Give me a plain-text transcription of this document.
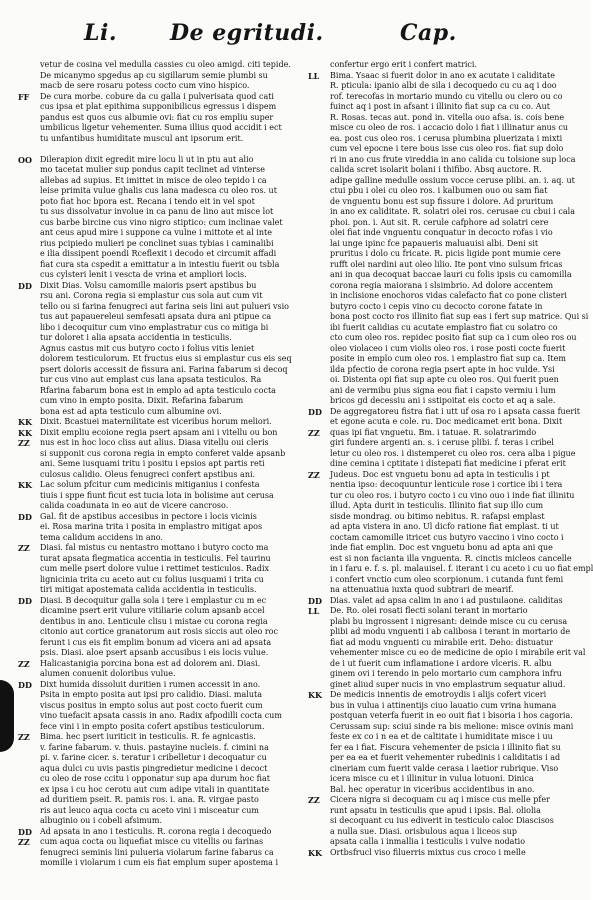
Li. De egritudi.	Cap.
vetur de cosina vel medulla cassies cu oleo amigd. citi tepide.
De micanymo spgedus ap cu sigillarum semie plumbi su
macb de sere rosaru potess cocto cum vino hispico.
FF	De cura morbe. cobure da cu galla i pulverisata quod cati
cus ipsa et plat epithima supponibilicus egressus i dispem
pandus est quos cus albumie ovi: fiat cu ros empliu super
umbilicus ligetur vehementer. Suma illius quod accidit i ect
tu unfantibus humiditate muscul ant ipsorum erit.
OO	Dilerapion dixit egredit mire locu li ut in ptu aut alio
mo tacetat mulier sup pondus capit teclinet ad vinterse
allebas ad supius. Et imittet in misce de oleo tepido i ca
leise primita vulue ghalis cus lana madesca cu oleo ros. ut
poto fiat hoc bpora est. Recana i tendo eit in vel spot
tu sus dissolvatur involue in ca panu de lino aut misce lot
cus barbe bircine cus vino nigro stiptico: cum inclinae valet
ant ceus apud mire i suppone ca vulne i mittote et al inte
rius pcipiedo mulieri pe conclinet suas tybias i caminalibi
e ilia dissipent poendi Rceflexit i decodo et circumit affadi
fiat cura sta cspedit a emittatur a in intestiu fuerit ou tsbla
cus cylsteri lenit i vescta de vrina et ampliori locis.
DD	Dixit Dias. Volsu camomille maioris psert apstibus bu
rsu ani. Corona regia si emplastur cus sola aut cum vit
tello ou si farina fenugreci aut farina seis lini aut pulueri vsio
tus aut papauereleui semfesati apsata dura ani ptipue ca
libo i decoquitur cum vino emplastratur cus co mitiga bi
tur doloret i alia apsata accidentia in testiculis.
Agnus castus mit cus butyro cocto i folius vitis leniet
dolorem testiculorum. Et fructus eius si emplastur cus eis seq
psert doloris accessit de fissura ani. Farina fabarum si decoq
tur cus vino aut emplast cus lana apsata testiculos. Ra
Rfarina fabarum bona est in emplo ad apta testiculo cocta
cum vino in empto posita. Dixit. Refarina fabarum
bona est ad apta testiculo cum albumine ovi.
KK	Dixit. Bcastuei maternilitate est viceribus horum meliori.
KK	Dixit empliu ecoione regia psert apsam ani i vitellu ou bon
ZZ	nus est in hoc loco cliss aut alius. Diasa vitellu oui cleris
si supponit cus corona regia in empto conferet valde apsanb
ani. Seme iusquami tritu i positu i epsios apt partis reti
culosus calidio. Oleus fenugreci confert apstibus ani.
KK	Lac solum pfcitur cum medicinis mitiganius i confesta
tiuis i sppe fiunt ficut est tucia lota in bolisime aut cerusa
calida coadunata in eo aut de vicere cancroso.
DD	Gal. fit de apstibus accesibus in pectore i locis vicinis
ei. Rosa marina trita i posita in emplastro mitigat apos
tema calidum accidens in ano.
ZZ	Diasi. fal mistus cu nentastro mottano i butyro cocto ma
turat apsata flegmatica accentia in testiculis. Fel taurinu
cum melle psert dolore vulue i rettimet testiculos. Radix
lignicinia trita cu aceto aut cu folius iusquami i trita cu
tiri mitigat apostemata calida accidentia in testiculis.
DD	Diasi. B decoquitur galla sola i tere i emplastur cu m ec
dicamine psert erit vulure vitiliarie colum apsanb accel
dentibus in ano. Lenticule clisu i mistae cu corona regia
citonio aut cortice granatorum aut rosis siccis aut oleo roc
ferunt i cus eis fit emplim bonum ad vicera ani ad apsata
psis. Diasi. aloe psert apsanb accusibus i eis locis vulue.
ZZ	Halicastanigia porcina bona est ad dolorem ani. Diasi.
alumen conuenit doloribus vulue.
DD	Dixt humida dissoluit duritien i rumen accessit in ano.
Psita in empto posita aut ipsi pro calidio. Diasi. maluta
viscus positus in empto solus aut post cocto fuerit cum
vino tuefacit apsata cassis in ano. Radix afpodilli cocta cum
fece vini i in empto posita cofert apstibus testiculorum.
ZZ	Bima. hec psert iuriticit in testiculis. R. fe agnicastis.
v. farine fabarum. v. thuis. pastayine nucleis. f. cimini na
pi. v. farine cicer. s. teratur i cribelletur i decoquatur cu
aqua dulci cu uvis pastis pingredietur medicine i decoct
cu oleo de rose ccitu i opponatur sup apa durum hoc fiat
ex ipsa i cu hoc cerotu aut cum adipe vitali in quantitate
ad duritiem pseit. R. pamis ros. i. ana. R. virgae pasto
ris aut leuco aqua cocta cu aceto vini i misceatur cum
albuginio ou i cobeli afsimum.
DD	Ad apsata in ano i testiculis. R. corona regia i decoquedo
ZZ	cum aqua cocta ou liquefiat misce cu vitellis ou farinas
fenugreci seminis lini pulueria violarum farine fabarus ca
momille i violarum i cum eis fiat emplum super apostema i
confertur ergo erit i confert matrici.
LL	Bima. Ysaac si fuerit dolor in ano ex acutate i caliditate
R. pticula: ipanio albi de sila i decoquedo cu cu aq i doo
rof. terecofas in mortario mundo cu vitellu ou clero ou co
fuinct aq i post in afsant i illinito fiat sup ca cu co. Aut
R. Rosas. tecas aut. pond in. vitella ouo afsa. is. cois bene
misce cu oleo de ros. i accacio dolo i fiat i illinatur anus cu
ea. post cus oleo ros. i cerusa plumbina pluerizata i mixti
cum vel epocne i tere bous isse cus oleo ros. fiat sup dolo
ri in ano cus frute vireddia in ano calida cu tolsione sup loca
calida scret isolarit bolani i thifibo. Absq auctore. R.
adipe galline medulle ossium vocce ceruse plibi. an. i. aq. ut
ctui pbu i olei cu oleo ros. i kalbumen ouo ou sam fiat
de vnguentu bonu est sup fissure i dolore. Ad pruritum
in ano ex caliditate. R. solatri olei ros. cerusae cu cbui i cala
phoi. pon. i. Aut sit. R. cerule cafphore ad solatri cere
olei fiat inde vnguentu conquatur in decocto rofas i vio
lai unge ipinc fce papaueris maluauisi albi. Deni sit
pruritus i dolo cu fricate. R. picis ligide pont mumie cere
rufft olei nardini aut oleo lilio. Ite pont vino sulsum fricas
ani in qua decoquat baccae lauri cu folis ipsis cu camomilla
corona regia maiorana i slsimbrio. Ad dolore accentem
in inclisione enochoros vidas calefacto fiat co pone clisteri
butyro cocto i cepis vino cu decocto corone fatate in
bona post cocto ros illinito fiat sup eas i fert sup matrice. Qui si
ibi fuerit calidias cu acutate emplastro fiat cu solatro co
cto cum oleo ros. repidec posito fiat sup ca i cum oleo ros ou
oleo violaceo i cum violis oleo ros. i rose posti cocte fuerit
posite in emplo cum oleo ros. i emplastro fiat sup ca. Item
ilda pfectio de corona regia psert apte in hoc vulde. Ysi
oi. Distenta opi fiat sup apte cu oleo ros. Qui fuerit puen
ani de vermibu pius signa eou fiat i capsto vermiu i lum
bricos gd decessiu ani i sstipoitat eis cocto et aq a sale.
DD	De aggregatoreu fistra fiat i utt uf osa ro i apsata cassa fuerit
et egone acuta e cole. ru. Doc medicamet erit bona. Dixit
ZZ	quas ipi fiat vnguetu. Bm. i tatuae. R. solatrarimdo
giri fundere argenti an. s. i ceruse plibi. f. teras i cribel
letur cu oleo ros. i distemperet cu oleo ros. cera alba i pigue
dine cemina i cptitate i distepati fiat medicine i pferat erit
ZZ	Judeus. Doc est vnguetu bonu ad apta in testiculis i pt
nentia ipso: decoquuntur lenticule rose i cortice ibi i tera
tur cu oleo ros. i butyro cocto i cu vino ouo i inde fiat illinitu
illud. Apta durit in testiculis. Illinito fiat sup illo cum
sisde mondrag. ou bitimo nebitus. R. rafapsi emplast
ad apta vistera in ano. Ul dicfo ratione fiat emplast. ti ut
coctam camomille itricet cus butyro vaccino i vino cocto i
inde fiat emplin. Doc est vnguetu bonu ad apta ani que
est si non facianta illa vnguenta. R. cinctis micleos cancelle
in i faru e. f. s. pl. malauisel. f. iterant i cu aceto i cu uo fiat empl
i confert vnctio cum oleo scorpionum. i cutanda funt femi
na attenuatiua iuxta quod subtrari de mearif.
DD	Dias. valet ad apsa calim in ano i ad pustulaone. caliditas
LL	De. Ro. olei rosati flecti solani terant in mortario
plabi bu ingrossent i nigresant: deinde misce cu cu cerusa
plibi ad modu vnguenti i ab calibosa i terant in mortario de
fiat ad modu vnguenti cu mirabile erit. Deho: distuatur
vehementer misce cu eo de medicine de opio i mirabile erit val
de i ut fuerit cum inflamatione i ardore vlceris. R. albu
ginem ovi i terendo in pelo mortario cum camphora infru
ginet aliud super nucis in vno emplastrum sequatur aliud.
KK	De medicis innentis de emotroydis i alijs cofert viceri
bus in vulua i attinentijs ciuo lauatio cum vrina humana
postquan veterfa fuerit in eo ouit fiat i bisoria i hos cagoria.
Cerussam sup: sciui sinde ra bis melione: misce ovinis mani
feste ex co i n ea et de caltitate i humiditate misce i uu
fer ea i fiat. Fiscura vehementer de psicia i illinito fiat su
per ea ea et fuerit vehementer rubedinis i caliditatis i ad
cineriam cum fuerit valde cerasa i laetior rubrique. Viso
icera misce cu et i illinitur in vulua lotuoni. Dinica
Bal. hec operatur in viceribus accidentibus in ano.
ZZ	Cicera nigra si decoquam cu aq i misce cus melle pfer
runt apsatu in testiculis que apud i ipsis. Bal. oliolia
si decoquant cu ius ediverit in testiculo caloc Diascisos
a nulla sue. Diasi. orisbulous aqua i liceos sup
apsata calla i inmallia i testiculis i vulve nodatio
KK	Ortbsfrucl viso filuerris mixtus cus croco i melle
